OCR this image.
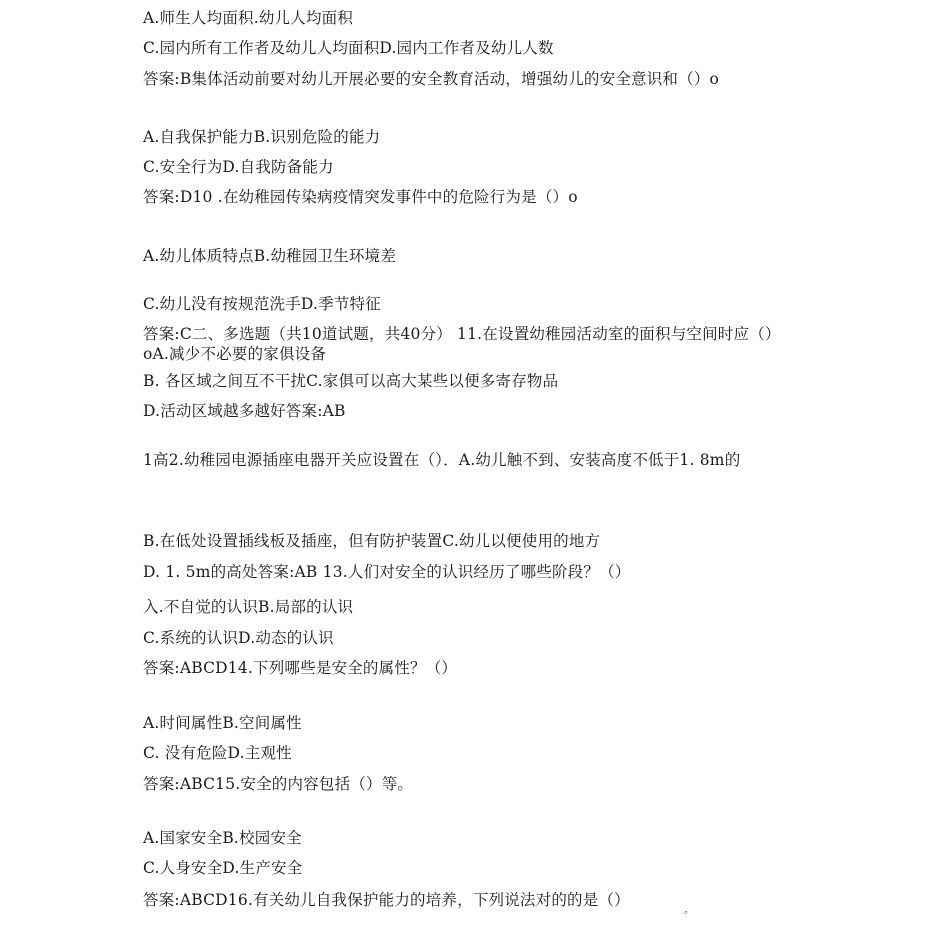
A.师生人均面积.幼儿人均面积
C.园内所有工作者及幼儿人均面积D.园内工作者及幼儿人数
答案:B集体活动前要对幼儿开展必要的安全教育活动，增强幼儿的安全意识和（）o
A.自我保护能力B.识别危险的能力
C.安全行为D.自我防备能力
答案:D10 .在幼稚园传染病疫情突发事件中的危险行为是（）o
A.幼儿体质特点B.幼稚园卫生环境差
C.幼儿没有按规范洗手D.季节特征
答案:C二、多选题（共10道试题，共40分） 11.在设置幼稚园活动室的面积与空间时应（）oA.减少不必要的家俱设备
B. 各区域之间互不干扰C.家俱可以高大某些以便多寄存物品
D.活动区域越多越好答案:AB
1高2.幼稚园电源插座电器开关应设置在（）．A.幼儿触不到、安装高度不低于1. 8m的
B.在低处设置插线板及插座，但有防护装置C.幼儿以便使用的地方
D. 1. 5m的高处答案:AB 13.人们对安全的认识经历了哪些阶段？（）
入.不自觉的认识B.局部的认识
C.系统的认识D.动态的认识
答案:ABCD14.下列哪些是安全的属性？（）
A.时间属性B.空间属性
C. 没有危险D.主观性
答案:ABC15.安全的内容包括（）等。
A.国家安全B.校园安全
C.人身安全D.生产安全
答案:ABCD16.有关幼儿自我保护能力的培养，下列说法对的的是（）
。
